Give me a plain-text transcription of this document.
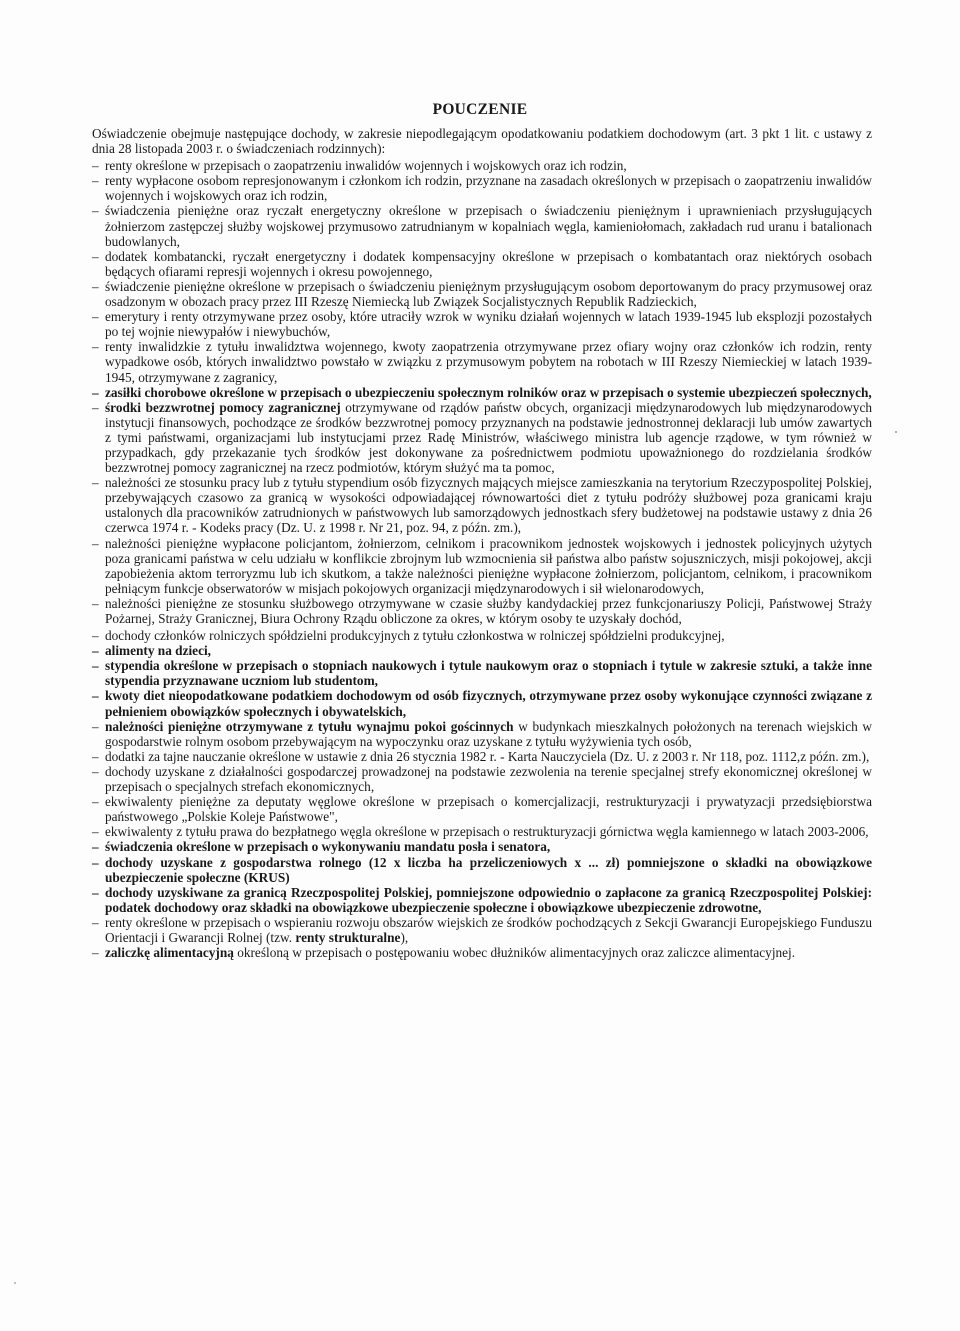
POUCZENIE

Oświadczenie obejmuje następujące dochody, w zakresie niepodlegającym opodatkowaniu podatkiem dochodowym (art. 3 pkt 1 lit. c ustawy z dnia 28 listopada 2003 r. o świadczeniach rodzinnych):

– renty określone w przepisach o zaopatrzeniu inwalidów wojennych i wojskowych oraz ich rodzin,
– renty wypłacone osobom represjonowanym i członkom ich rodzin, przyznane na zasadach określonych w przepisach o zaopatrzeniu inwalidów wojennych i wojskowych oraz ich rodzin,
– świadczenia pieniężne oraz ryczałt energetyczny określone w przepisach o świadczeniu pieniężnym i uprawnieniach przysługujących żołnierzom zastępczej służby wojskowej przymusowo zatrudnianym w kopalniach węgla, kamieniołomach, zakładach rud uranu i batalionach budowlanych,
– dodatek kombatancki, ryczałt energetyczny i dodatek kompensacyjny określone w przepisach o kombatantach oraz niektórych osobach będących ofiarami represji wojennych i okresu powojennego,
– świadczenie pieniężne określone w przepisach o świadczeniu pieniężnym przysługującym osobom deportowanym do pracy przymusowej oraz osadzonym w obozach pracy przez III Rzeszę Niemiecką lub Związek Socjalistycznych Republik Radzieckich,
– emerytury i renty otrzymywane przez osoby, które utraciły wzrok w wyniku działań wojennych w latach 1939-1945 lub eksplozji pozostałych po tej wojnie niewypałów i niewybuchów,
– renty inwalidzkie z tytułu inwalidztwa wojennego, kwoty zaopatrzenia otrzymywane przez ofiary wojny oraz członków ich rodzin, renty wypadkowe osób, których inwalidztwo powstało w związku z przymusowym pobytem na robotach w III Rzeszy Niemieckiej w latach 1939-1945, otrzymywane z zagranicy,
– zasiłki chorobowe określone w przepisach o ubezpieczeniu społecznym rolników oraz w przepisach o systemie ubezpieczeń społecznych,
– środki bezzwrotnej pomocy zagranicznej otrzymywane od rządów państw obcych, organizacji międzynarodowych lub międzynarodowych instytucji finansowych, pochodzące ze środków bezzwrotnej pomocy przyznanych na podstawie jednostronnej deklaracji lub umów zawartych z tymi państwami, organizacjami lub instytucjami przez Radę Ministrów, właściwego ministra lub agencje rządowe, w tym również w przypadkach, gdy przekazanie tych środków jest dokonywane za pośrednictwem podmiotu upoważnionego do rozdzielania środków bezzwrotnej pomocy zagranicznej na rzecz podmiotów, którym służyć ma ta pomoc,
– należności ze stosunku pracy lub z tytułu stypendium osób fizycznych mających miejsce zamieszkania na terytorium Rzeczypospolitej Polskiej, przebywających czasowo za granicą w wysokości odpowiadającej równowartości diet z tytułu podróży służbowej poza granicami kraju ustalonych dla pracowników zatrudnionych w państwowych lub samorządowych jednostkach sfery budżetowej na podstawie ustawy z dnia 26 czerwca 1974 r. - Kodeks pracy (Dz. U. z 1998 r. Nr 21, poz. 94, z późn. zm.),
– należności pieniężne wypłacone policjantom, żołnierzom, celnikom i pracownikom jednostek wojskowych i jednostek policyjnych użytych poza granicami państwa w celu udziału w konflikcie zbrojnym lub wzmocnienia sił państwa albo państw sojuszniczych, misji pokojowej, akcji zapobieżenia aktom terroryzmu lub ich skutkom, a także należności pieniężne wypłacone żołnierzom, policjantom, celnikom, i pracownikom pełniącym funkcje obserwatorów w misjach pokojowych organizacji międzynarodowych i sił wielonarodowych,
– należności pieniężne ze stosunku służbowego otrzymywane w czasie służby kandydackiej przez funkcjonariuszy Policji, Państwowej Straży Pożarnej, Straży Granicznej, Biura Ochrony Rządu obliczone za okres, w którym osoby te uzyskały dochód,
– dochody członków rolniczych spółdzielni produkcyjnych z tytułu członkostwa w rolniczej spółdzielni produkcyjnej,
– alimenty na dzieci,
– stypendia określone w przepisach o stopniach naukowych i tytule naukowym oraz o stopniach i tytule w zakresie sztuki, a także inne stypendia przyznawane uczniom lub studentom,
– kwoty diet nieopodatkowane podatkiem dochodowym od osób fizycznych, otrzymywane przez osoby wykonujące czynności związane z pełnieniem obowiązków społecznych i obywatelskich,
– należności pieniężne otrzymywane z tytułu wynajmu pokoi gościnnych w budynkach mieszkalnych położonych na terenach wiejskich w gospodarstwie rolnym osobom przebywającym na wypoczynku oraz uzyskane z tytułu wyżywienia tych osób,
– dodatki za tajne nauczanie określone w ustawie z dnia 26 stycznia 1982 r. - Karta Nauczyciela (Dz. U. z 2003 r. Nr 118, poz. 1112,z późn. zm.),
– dochody uzyskane z działalności gospodarczej prowadzonej na podstawie zezwolenia na terenie specjalnej strefy ekonomicznej określonej w przepisach o specjalnych strefach ekonomicznych,
– ekwiwalenty pieniężne za deputaty węglowe określone w przepisach o komercjalizacji, restrukturyzacji i prywatyzacji przedsiębiorstwa państwowego „Polskie Koleje Państwowe",
– ekwiwalenty z tytułu prawa do bezpłatnego węgla określone w przepisach o restrukturyzacji górnictwa węgla kamiennego w latach 2003-2006,
– świadczenia określone w przepisach o wykonywaniu mandatu posła i senatora,
– dochody uzyskane z gospodarstwa rolnego (12 x liczba ha przeliczeniowych x ... zł) pomniejszone o składki na obowiązkowe ubezpieczenie społeczne (KRUS)
– dochody uzyskiwane za granicą Rzeczpospolitej Polskiej, pomniejszone odpowiednio o zapłacone za granicą Rzeczpospolitej Polskiej: podatek dochodowy oraz składki na obowiązkowe ubezpieczenie społeczne i obowiązkowe ubezpieczenie zdrowotne,
– renty określone w przepisach o wspieraniu rozwoju obszarów wiejskich ze środków pochodzących z Sekcji Gwarancji Europejskiego Funduszu Orientacji i Gwarancji Rolnej (tzw. renty strukturalne),
– zaliczkę alimentacyjną określoną w przepisach o postępowaniu wobec dłużników alimentacyjnych oraz zaliczce alimentacyjnej.
